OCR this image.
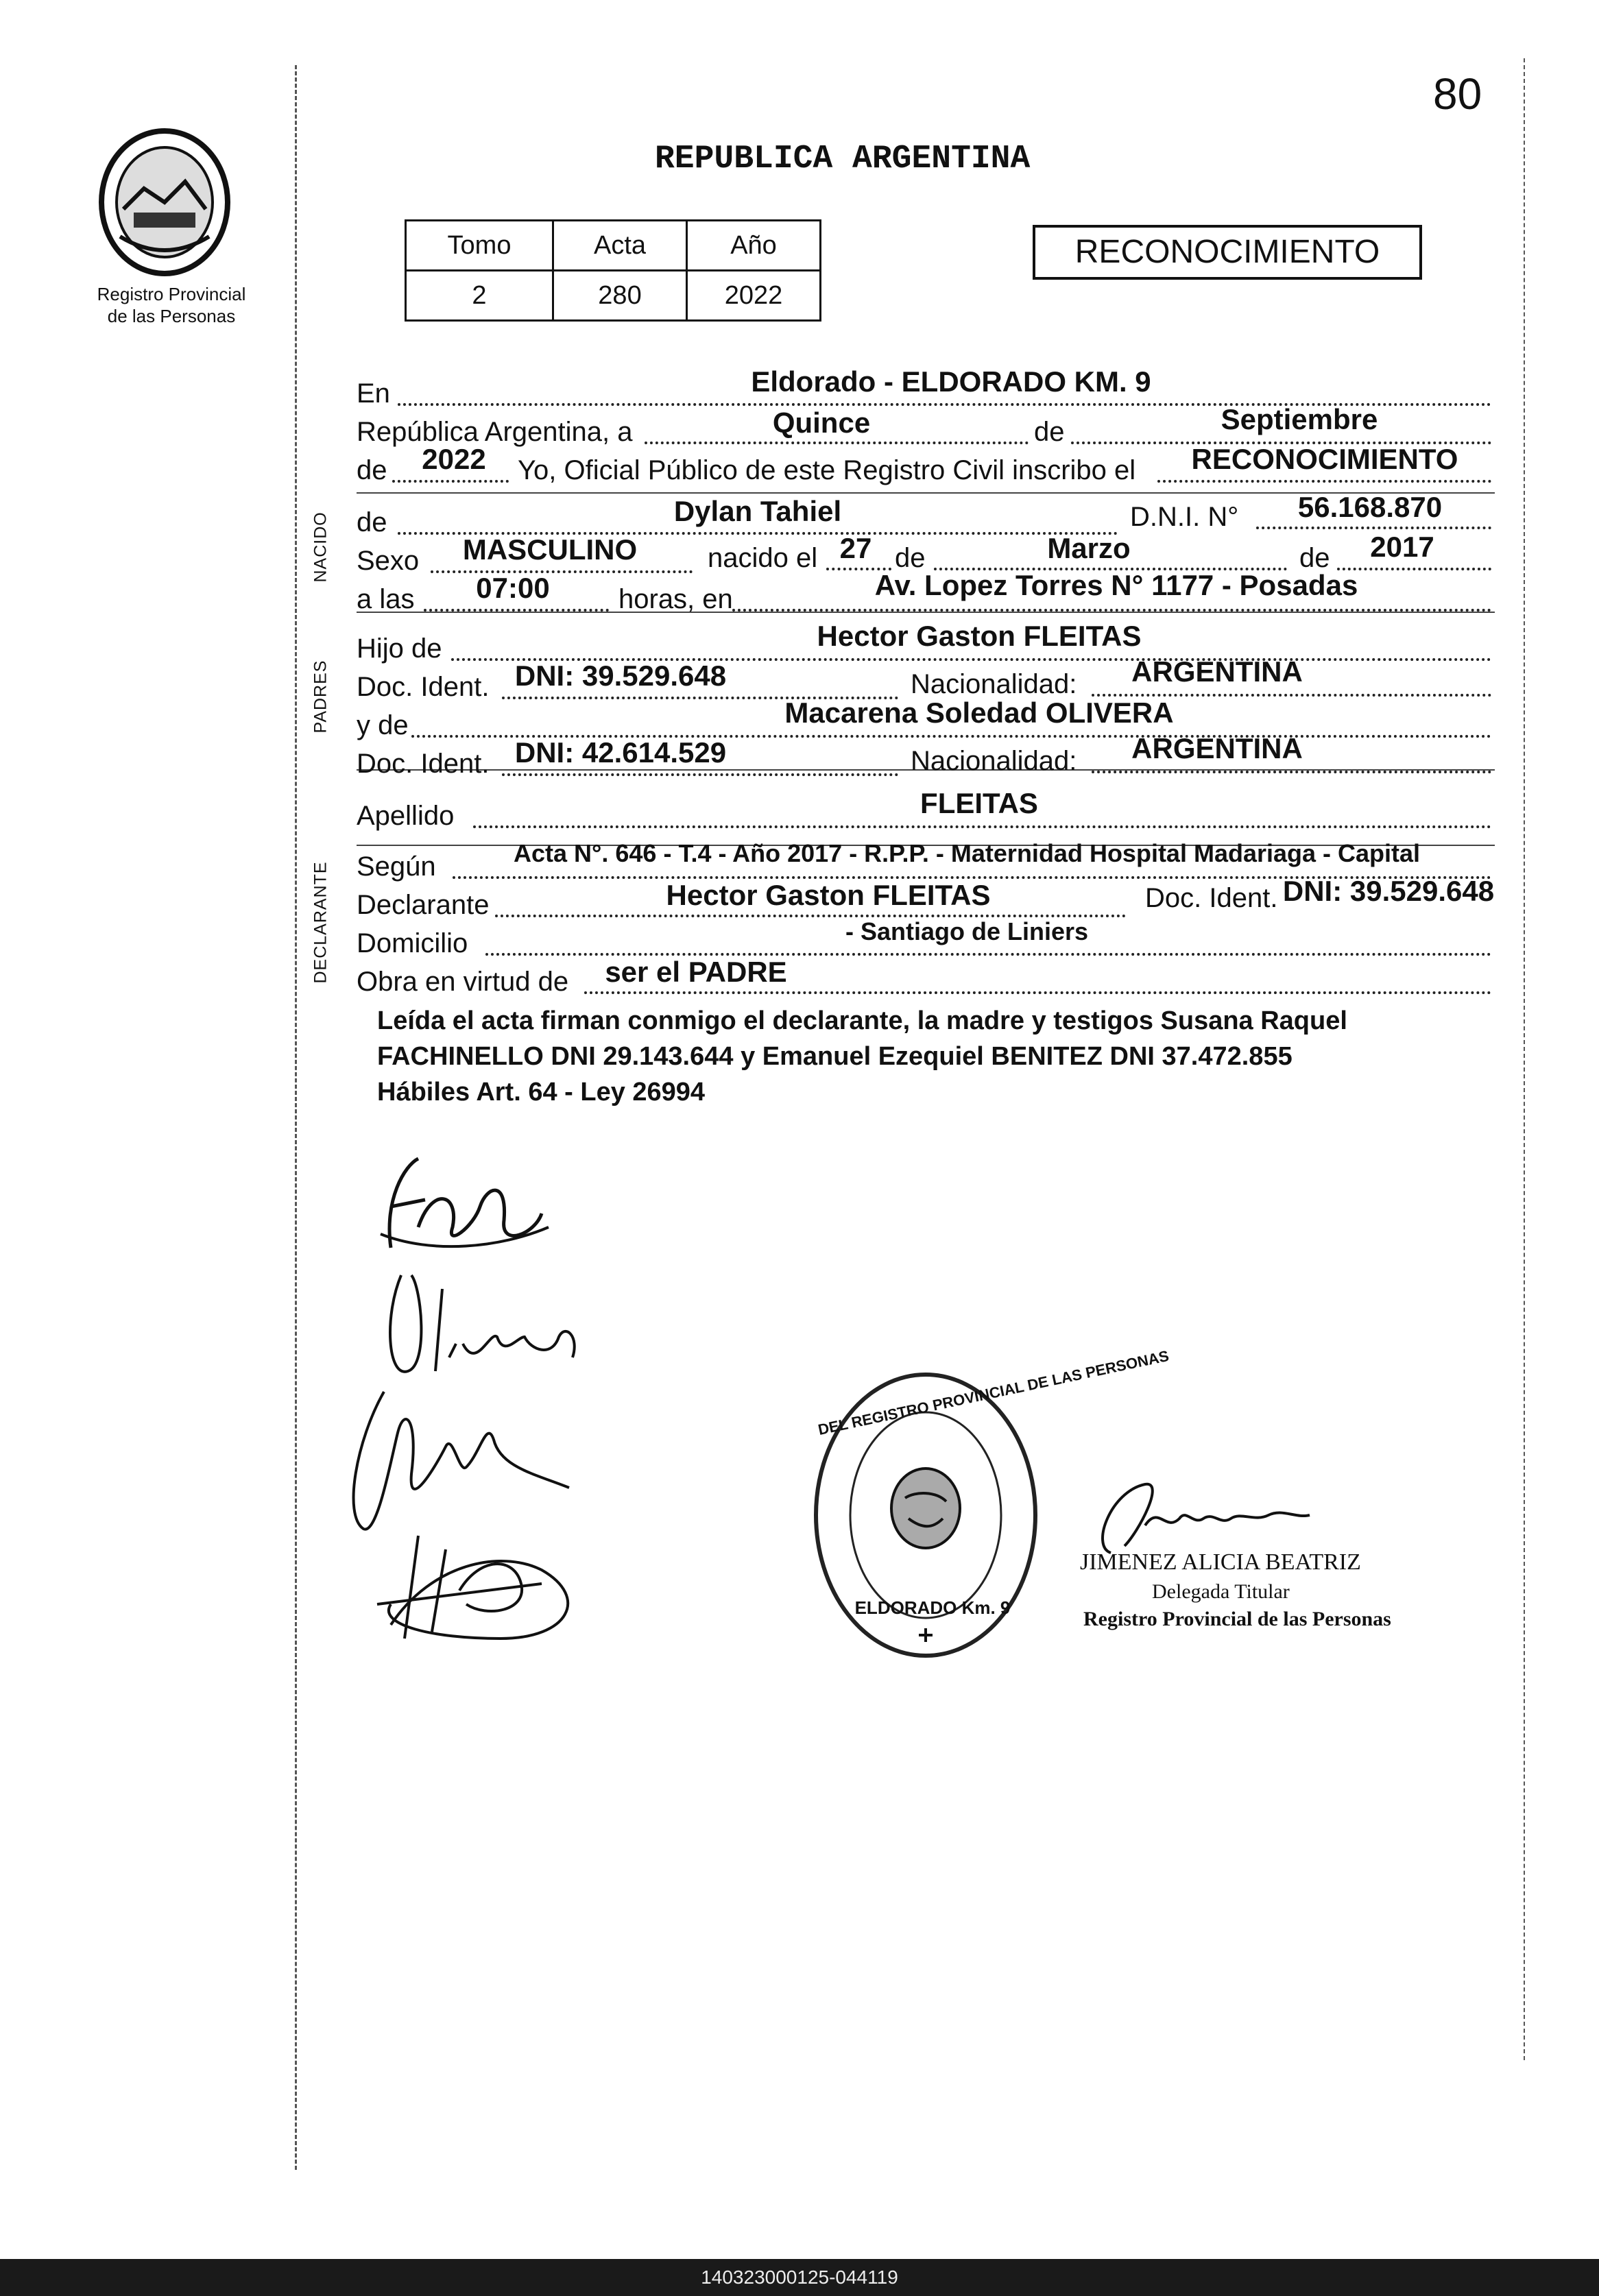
80
Registro Provincial
de las Personas
REPUBLICA ARGENTINA
Tomo	Acta	Año
2	280	2022
RECONOCIMIENTO
NACIDO
PADRES
DECLARANTE
En	Eldorado - ELDORADO KM. 9
República Argentina, a	Quince	de	Septiembre
de 2022 Yo, Oficial Público de este Registro Civil inscribo el RECONOCIMIENTO
de	Dylan Tahiel	D.N.I. N° 56.168.870
Sexo MASCULINO	nacido el 27 de	Marzo	de 2017
a las 07:00	horas, en	Av. Lopez Torres N° 1177 - Posadas
Hijo de	Hector Gaston FLEITAS
Doc. Ident. DNI: 39.529.648	Nacionalidad: ARGENTINA
y de	Macarena Soledad OLIVERA
Doc. Ident. DNI: 42.614.529	Nacionalidad: ARGENTINA
Apellido	FLEITAS
Según	Acta N°. 646 - T.4 - Año 2017 - R.P.P. - Maternidad Hospital Madariaga - Capital
Declarante	Hector Gaston FLEITAS	Doc. Ident. DNI: 39.529.648
Domicilio	- Santiago de Liniers
Obra en virtud de ser el PADRE
Leída el acta firman conmigo el declarante, la madre y testigos Susana Raquel
FACHINELLO DNI 29.143.644 y Emanuel Ezequiel BENITEZ DNI 37.472.855
Hábiles Art. 64 - Ley 26994
DEL REGISTRO PROVINCIAL DE LAS PERSONAS
ELDORADO Km. 9
JIMENEZ ALICIA BEATRIZ
Delegada Titular
Registro Provincial de las Personas
140323000125-044119
